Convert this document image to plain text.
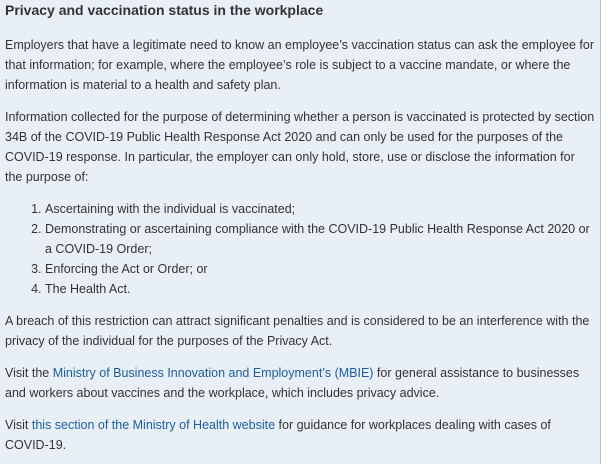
Privacy and vaccination status in the workplace

Employers that have a legitimate need to know an employee’s vaccination status can ask the employee for that information; for example, where the employee’s role is subject to a vaccine mandate, or where the information is material to a health and safety plan.

Information collected for the purpose of determining whether a person is vaccinated is protected by section 34B of the COVID-19 Public Health Response Act 2020 and can only be used for the purposes of the COVID-19 response. In particular, the employer can only hold, store, use or disclose the information for the purpose of:

1. Ascertaining with the individual is vaccinated;
2. Demonstrating or ascertaining compliance with the COVID-19 Public Health Response Act 2020 or a COVID-19 Order;
3. Enforcing the Act or Order; or
4. The Health Act.

A breach of this restriction can attract significant penalties and is considered to be an interference with the privacy of the individual for the purposes of the Privacy Act.

Visit the Ministry of Business Innovation and Employment’s (MBIE) for general assistance to businesses and workers about vaccines and the workplace, which includes privacy advice.

Visit this section of the Ministry of Health website for guidance for workplaces dealing with cases of COVID-19.
